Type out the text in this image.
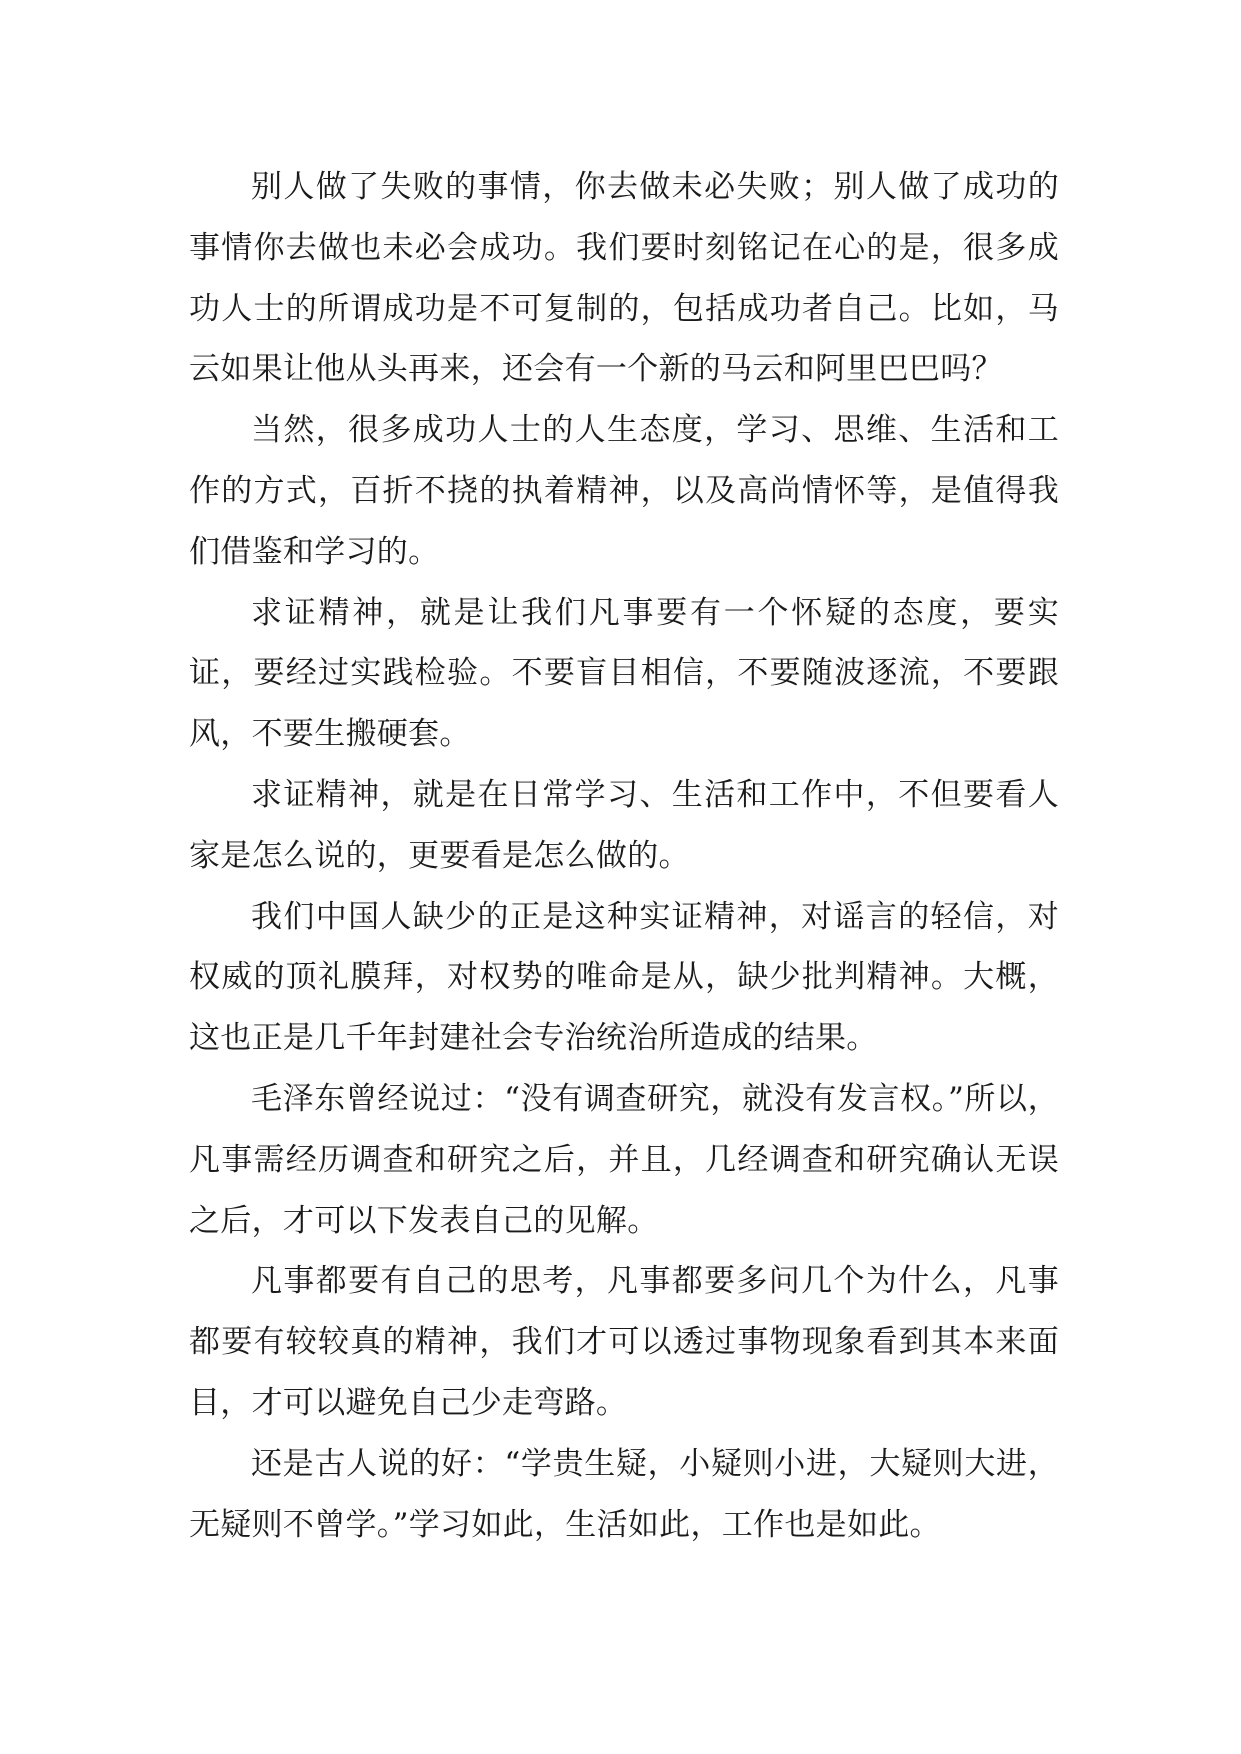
别人做了失败的事情，你去做未必失败；别人做了成功的事情你去做也未必会成功。我们要时刻铭记在心的是，很多成功人士的所谓成功是不可复制的，包括成功者自己。比如，马云如果让他从头再来，还会有一个新的马云和阿里巴巴吗？

当然，很多成功人士的人生态度，学习、思维、生活和工作的方式，百折不挠的执着精神，以及高尚情怀等，是值得我们借鉴和学习的。

求证精神，就是让我们凡事要有一个怀疑的态度，要实证，要经过实践检验。不要盲目相信，不要随波逐流，不要跟风，不要生搬硬套。

求证精神，就是在日常学习、生活和工作中，不但要看人家是怎么说的，更要看是怎么做的。

我们中国人缺少的正是这种实证精神，对谣言的轻信，对权威的顶礼膜拜，对权势的唯命是从，缺少批判精神。大概，这也正是几千年封建社会专治统治所造成的结果。

毛泽东曾经说过：“没有调查研究，就没有发言权。”所以，凡事需经历调查和研究之后，并且，几经调查和研究确认无误之后，才可以下发表自己的见解。

凡事都要有自己的思考，凡事都要多问几个为什么，凡事都要有较较真的精神，我们才可以透过事物现象看到其本来面目，才可以避免自己少走弯路。

还是古人说的好：“学贵生疑，小疑则小进，大疑则大进，无疑则不曾学。”学习如此，生活如此，工作也是如此。
